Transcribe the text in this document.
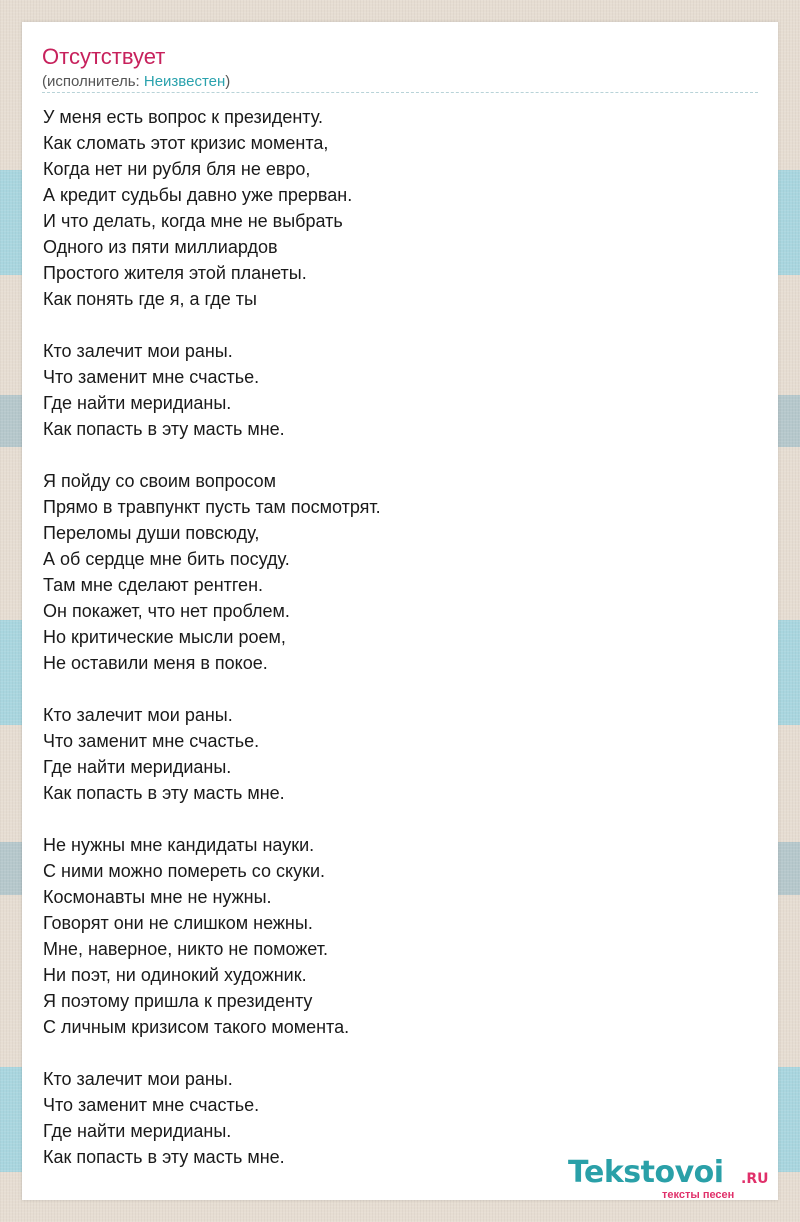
Отсутствует
(исполнитель: Неизвестен)
У меня есть вопрос к президенту.
Как сломать этот кризис момента,
Когда нет ни рубля бля не евро,
А кредит судьбы давно уже прерван.
И что делать, когда мне не выбрать
Одного из пяти миллиардов
Простого жителя этой планеты.
Как понять где я, а где ты
Кто залечит мои раны.
Что заменит мне счастье.
Где найти меридианы.
Как попасть в эту масть мне.
Я пойду со своим вопросом
Прямо в травпункт пусть там посмотрят.
Переломы души повсюду,
А об сердце мне бить посуду.
Там мне сделают рентген.
Он покажет, что нет проблем.
Но критические мысли роем,
Не оставили меня в покое.
Кто залечит мои раны.
Что заменит мне счастье.
Где найти меридианы.
Как попасть в эту масть мне.
Не нужны мне кандидаты науки.
С ними можно помереть со скуки.
Космонавты мне не нужны.
Говорят они не слишком нежны.
Мне, наверное, никто не поможет.
Ни поэт, ни одинокий художник.
Я поэтому пришла к президенту
С личным кризисом такого момента.
Кто залечит мои раны.
Что заменит мне счастье.
Где найти меридианы.
Как попасть в эту масть мне.	Tekstovoi .RU
тексты песен
